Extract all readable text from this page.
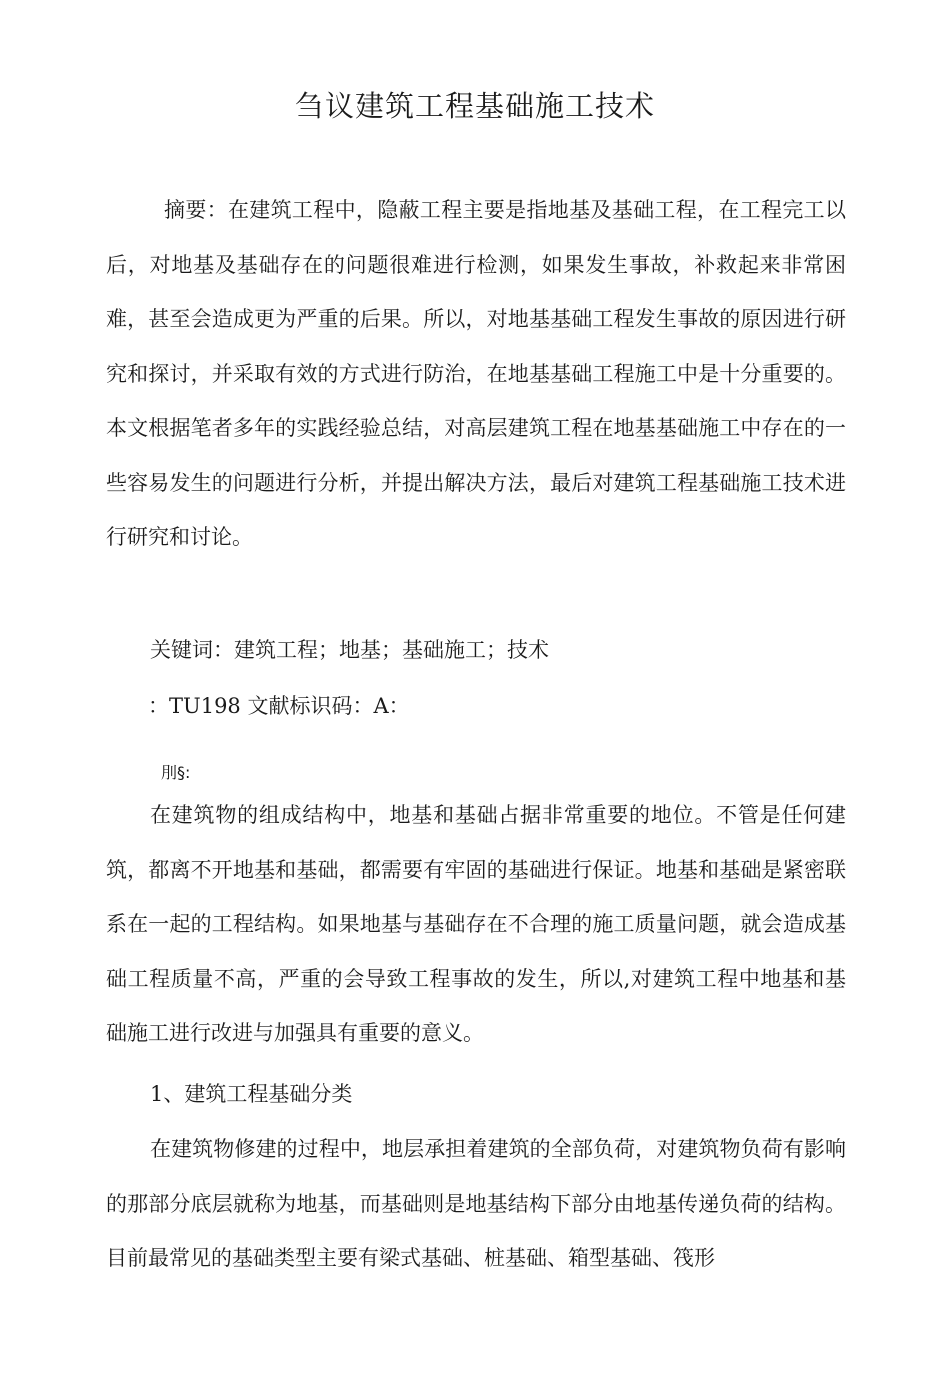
刍议建筑工程基础施工技术

摘要：在建筑工程中，隐蔽工程主要是指地基及基础工程，在工程完工以后，对地基及基础存在的问题很难进行检测，如果发生事故，补救起来非常困难，甚至会造成更为严重的后果。所以，对地基基础工程发生事故的原因进行研究和探讨，并采取有效的方式进行防治，在地基基础工程施工中是十分重要的。本文根据笔者多年的实践经验总结，对高层建筑工程在地基基础施工中存在的一些容易发生的问题进行分析，并提出解决方法，最后对建筑工程基础施工技术进行研究和讨论。

关键词：建筑工程；地基；基础施工；技术
：TU198 文献标识码：A：
刖§:

在建筑物的组成结构中，地基和基础占据非常重要的地位。不管是任何建筑，都离不开地基和基础，都需要有牢固的基础进行保证。地基和基础是紧密联系在一起的工程结构。如果地基与基础存在不合理的施工质量问题，就会造成基础工程质量不高，严重的会导致工程事故的发生，所以,对建筑工程中地基和基础施工进行改进与加强具有重要的意义。

1、建筑工程基础分类

在建筑物修建的过程中，地层承担着建筑的全部负荷，对建筑物负荷有影响的那部分底层就称为地基，而基础则是地基结构下部分由地基传递负荷的结构。目前最常见的基础类型主要有梁式基础、桩基础、箱型基础、筏形
